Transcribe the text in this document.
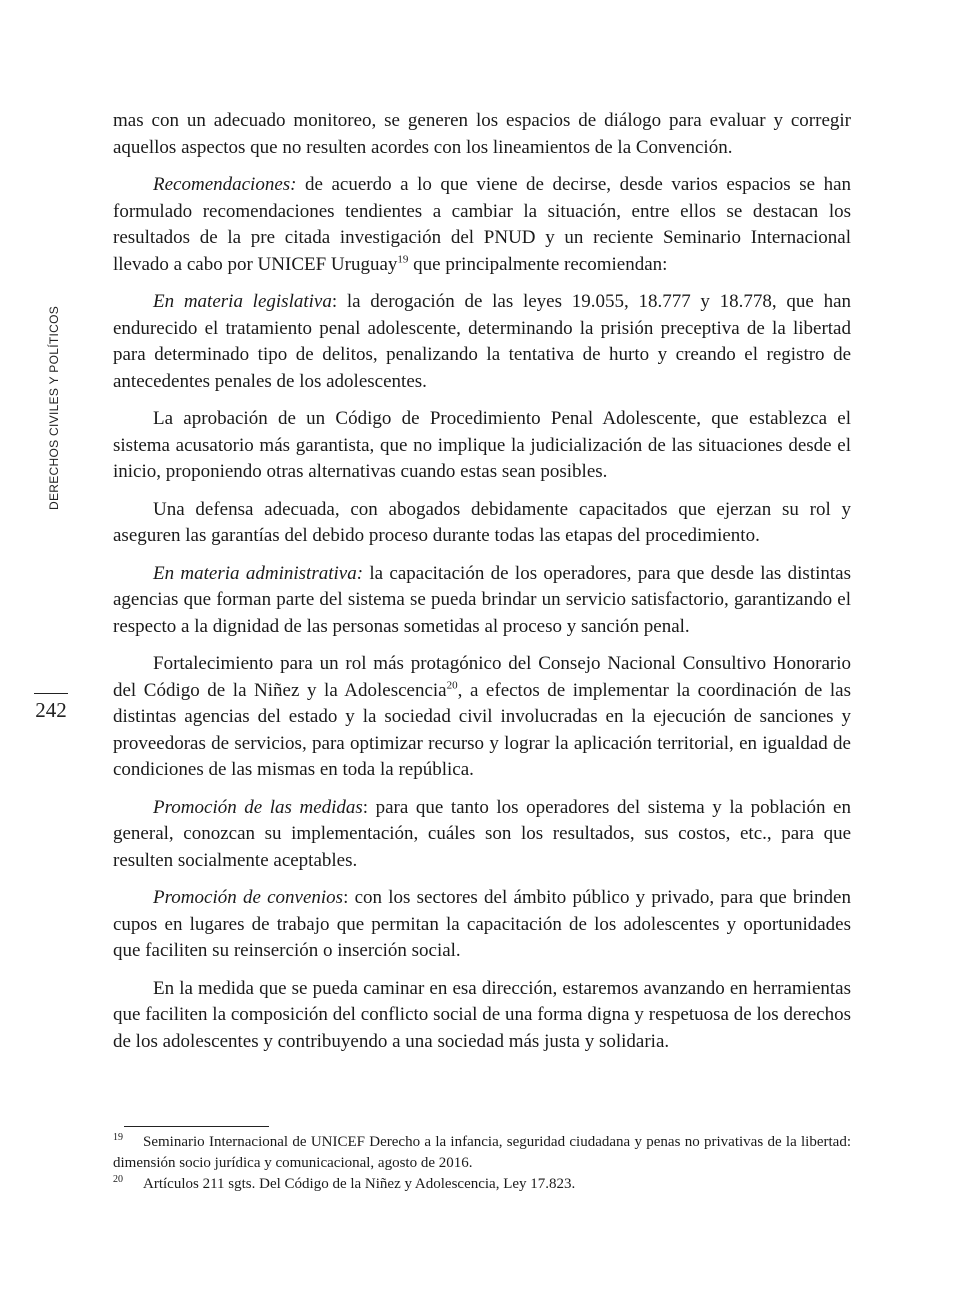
DERECHOS CIVILES Y POLÍTICOS
242

mas con un adecuado monitoreo, se generen los espacios de diálogo para evaluar y corregir aquellos aspectos que no resulten acordes con los lineamientos de la Convención.

Recomendaciones: de acuerdo a lo que viene de decirse, desde varios espacios se han formulado recomendaciones tendientes a cambiar la situación, entre ellos se destacan los resultados de la pre citada investigación del PNUD y un reciente Seminario Internacional llevado a cabo por UNICEF Uruguay$^{19}$ que principalmente recomiendan:

En materia legislativa: la derogación de las leyes 19.055, 18.777 y 18.778, que han endurecido el tratamiento penal adolescente, determinando la prisión preceptiva de la libertad para determinado tipo de delitos, penalizando la tentativa de hurto y creando el registro de antecedentes penales de los adolescentes.

La aprobación de un Código de Procedimiento Penal Adolescente, que establezca el sistema acusatorio más garantista, que no implique la judicialización de las situaciones desde el inicio, proponiendo otras alternativas cuando estas sean posibles.

Una defensa adecuada, con abogados debidamente capacitados que ejerzan su rol y aseguren las garantías del debido proceso durante todas las etapas del procedimiento.

En materia administrativa: la capacitación de los operadores, para que desde las distintas agencias que forman parte del sistema se pueda brindar un servicio satisfactorio, garantizando el respecto a la dignidad de las personas sometidas al proceso y sanción penal.

Fortalecimiento para un rol más protagónico del Consejo Nacional Consultivo Honorario del Código de la Niñez y la Adolescencia$^{20}$, a efectos de implementar la coordinación de las distintas agencias del estado y la sociedad civil involucradas en la ejecución de sanciones y proveedoras de servicios, para optimizar recurso y lograr la aplicación territorial, en igualdad de condiciones de las mismas en toda la república.

Promoción de las medidas: para que tanto los operadores del sistema y la población en general, conozcan su implementación, cuáles son los resultados, sus costos, etc., para que resulten socialmente aceptables.

Promoción de convenios: con los sectores del ámbito público y privado, para que brinden cupos en lugares de trabajo que permitan la capacitación de los adolescentes y oportunidades que faciliten su reinserción o inserción social.

En la medida que se pueda caminar en esa dirección, estaremos avanzando en herramientas que faciliten la composición del conflicto social de una forma digna y respetuosa de los derechos de los adolescentes y contribuyendo a una sociedad más justa y solidaria.

19 Seminario Internacional de UNICEF Derecho a la infancia, seguridad ciudadana y penas no privativas de la libertad: dimensión socio jurídica y comunicacional, agosto de 2016.

20 Artículos 211 sgts. Del Código de la Niñez y Adolescencia, Ley 17.823.
